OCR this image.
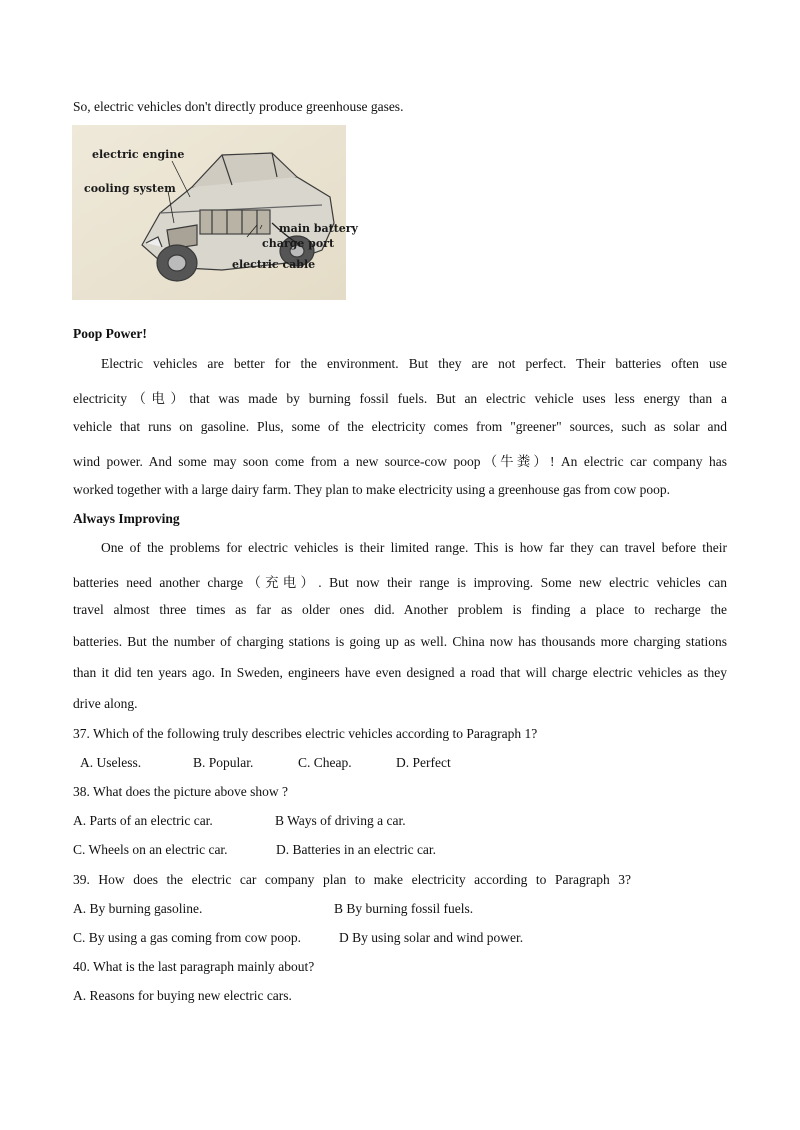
So, electric vehicles don't directly produce greenhouse gases.
electric engine
cooling system
main battery
charge port
electric cable
Poop Power!
Electric vehicles are better for the environment. But they are not perfect. Their batteries often use
electricity（电）that was made by burning fossil fuels. But an electric vehicle uses less energy than a
vehicle that runs on gasoline. Plus, some of the electricity comes from "greener" sources, such as solar and
wind power. And some may soon come from a new source-cow poop（牛粪）! An electric car company has
worked together with a large dairy farm. They plan to make electricity using a greenhouse gas from cow poop.
Always Improving
One of the problems for electric vehicles is their limited range. This is how far they can travel before their
batteries need another charge（充电）. But now their range is improving. Some new electric vehicles can
travel almost three times as far as older ones did. Another problem is finding a place to recharge the
batteries. But the number of charging stations is going up as well. China now has thousands more charging stations
than it did ten years ago. In Sweden, engineers have even designed a road that will charge electric vehicles as they
drive along.
37. Which of the following truly describes electric vehicles according to Paragraph 1?
A. Useless.	B. Popular.	C. Cheap.	D. Perfect
38. What does the picture above show ?
A. Parts of an electric car.	B Ways of driving a car.
C. Wheels on an electric car.	D. Batteries in an electric car.
39. How does the electric car company plan to make electricity according to Paragraph 3?
A. By burning gasoline.	B By burning fossil fuels.
C. By using a gas coming from cow poop.	D By using solar and wind power.
40. What is the last paragraph mainly about?
A. Reasons for buying new electric cars.
